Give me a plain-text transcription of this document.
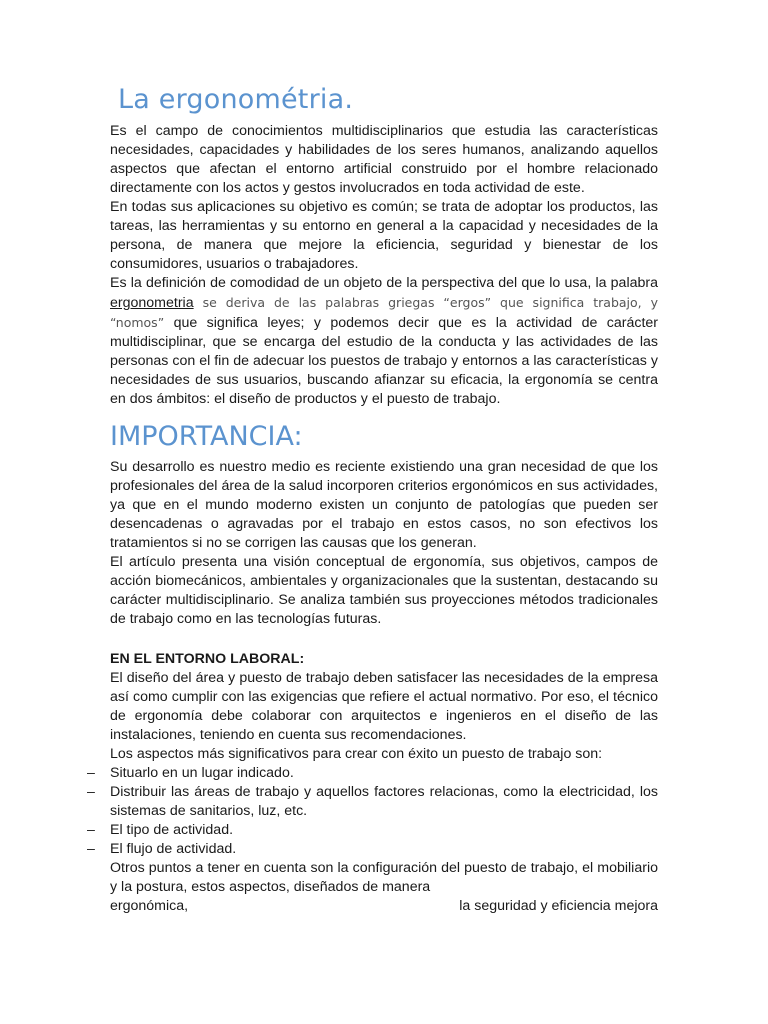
La ergonométria.

Es el campo de conocimientos multidisciplinarios que estudia las características necesidades, capacidades y habilidades de los seres humanos, analizando aquellos aspectos que afectan el entorno artificial construido por el hombre relacionado directamente con los actos y gestos involucrados en toda actividad de este.

En todas sus aplicaciones su objetivo es común; se trata de adoptar los productos, las tareas, las herramientas y su entorno en general a la capacidad y necesidades de la persona, de manera que mejore la eficiencia, seguridad y bienestar de los consumidores, usuarios o trabajadores.

Es la definición de comodidad de un objeto de la perspectiva del que lo usa, la palabra ergonometria se deriva de las palabras griegas “ergos” que significa trabajo, y “nomos” que significa leyes; y podemos decir que es la actividad de carácter multidisciplinar, que se encarga del estudio de la conducta y las actividades de las personas con el fin de adecuar los puestos de trabajo y entornos a las características y necesidades de sus usuarios, buscando afianzar su eficacia, la ergonomía se centra en dos ámbitos: el diseño de productos y el puesto de trabajo.

IMPORTANCIA:

Su desarrollo es nuestro medio es reciente existiendo una gran necesidad de que los profesionales del área de la salud incorporen criterios ergonómicos en sus actividades, ya que en el mundo moderno existen un conjunto de patologías que pueden ser desencadenas o agravadas por el trabajo en estos casos, no son efectivos los tratamientos si no se corrigen las causas que los generan.

El artículo presenta una visión conceptual de ergonomía, sus objetivos, campos de acción biomecánicos, ambientales y organizacionales que la sustentan, destacando su carácter multidisciplinario. Se analiza también sus proyecciones métodos tradicionales de trabajo como en las tecnologías futuras.

EN EL ENTORNO LABORAL:

El diseño del área y puesto de trabajo deben satisfacer las necesidades de la empresa así como cumplir con las exigencias que refiere el actual normativo. Por eso, el técnico de ergonomía debe colaborar con arquitectos e ingenieros en el diseño de las instalaciones, teniendo en cuenta sus recomendaciones.

Los aspectos más significativos para crear con éxito un puesto de trabajo son:

– Situarlo en un lugar indicado.

– Distribuir las áreas de trabajo y aquellos factores relacionas, como la electricidad, los sistemas de sanitarios, luz, etc.

– El tipo de actividad.

– El flujo de actividad.

Otros puntos a tener en cuenta son la configuración del puesto de trabajo, el mobiliario y la postura, estos aspectos, diseñados de manera

ergonómica,	la seguridad y eficiencia mejora
